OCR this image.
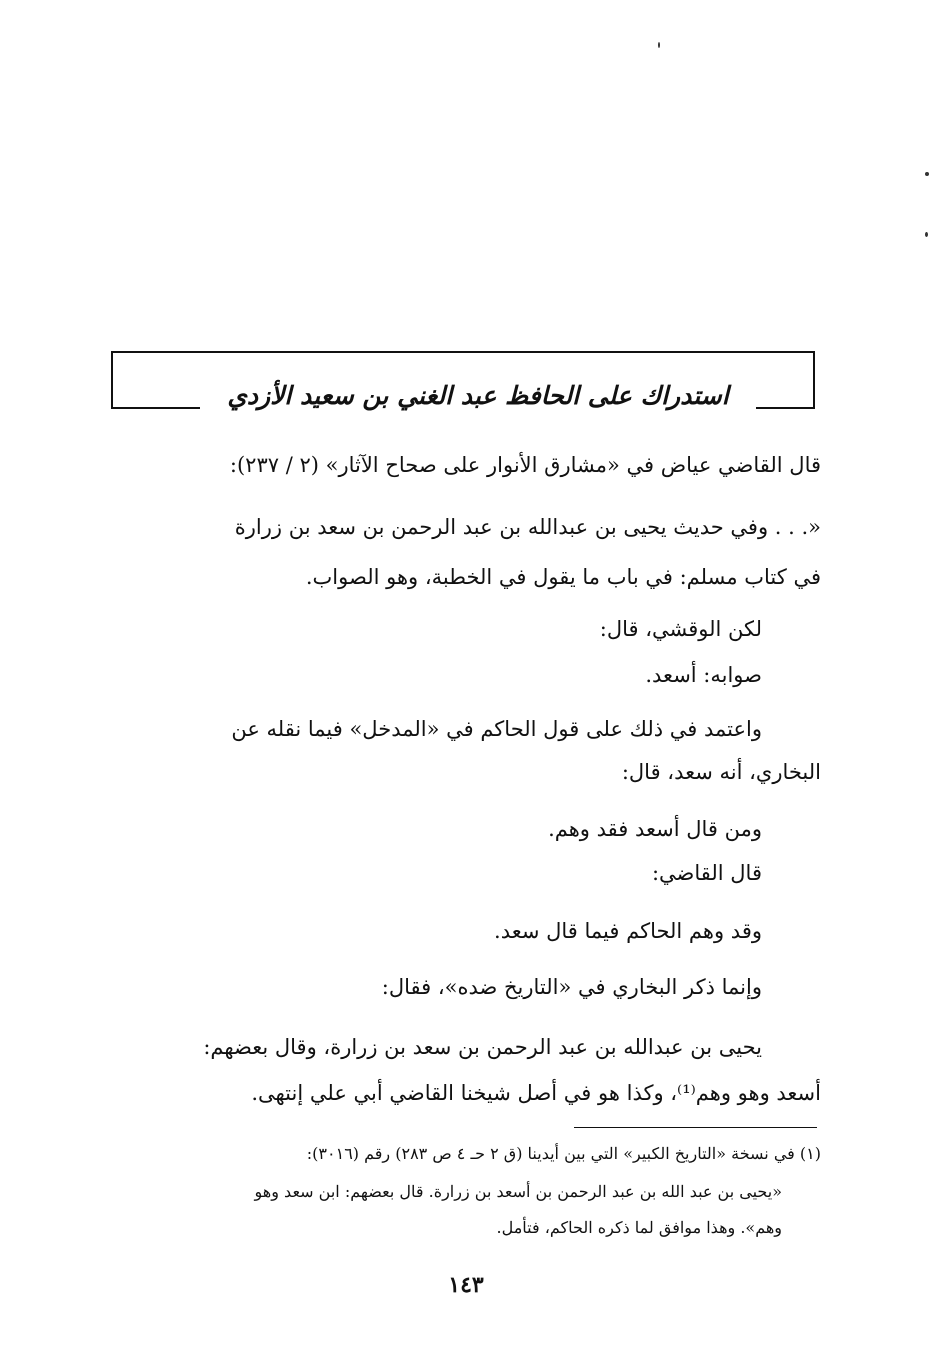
استدراك على الحافظ عبد الغني بن سعيد الأزدي
قال القاضي عياض في «مشارق الأنوار على صحاح الآثار» (٢ / ٢٣٧):
«. . . وفي حديث يحيى بن عبدالله بن عبد الرحمن بن سعد بن زرارة
في كتاب مسلم: في باب ما يقول في الخطبة، وهو الصواب.
لكن الوقشي، قال:
صوابه: أسعد.
واعتمد في ذلك على قول الحاكم في «المدخل» فيما نقله عن
البخاري، أنه سعد، قال:
ومن قال أسعد فقد وهم.
قال القاضي:
وقد وهم الحاكم فيما قال سعد.
وإنما ذكر البخاري في «التاريخ ضده»، فقال:
يحيى بن عبدالله بن عبد الرحمن بن سعد بن زرارة، وقال بعضهم:
أسعد وهو وهم⁽¹⁾، وكذا هو في أصل شيخنا القاضي أبي علي إنتهى.
(١) في نسخة «التاريخ الكبير» التي بين أيدينا (ق ٢ حـ ٤ ص ٢٨٣) رقم (٣٠١٦):
«يحيى بن عبد الله بن عبد الرحمن بن أسعد بن زرارة. قال بعضهم: ابن سعد وهو
وهم». وهذا موافق لما ذكره الحاكم، فتأمل.
١٤٣
